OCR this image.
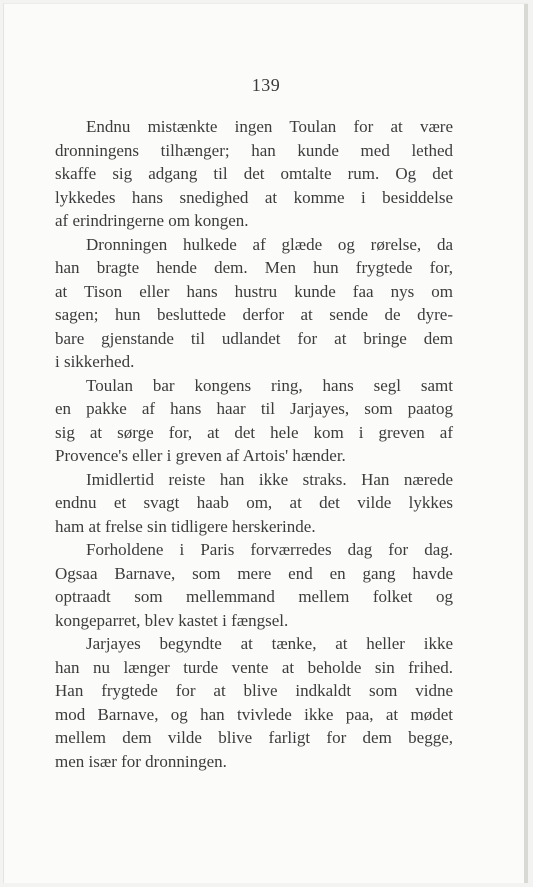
139
Endnu mistænkte ingen Toulan for at være
dronningens tilhænger; han kunde med lethed
skaffe sig adgang til det omtalte rum. Og det
lykkedes hans snedighed at komme i besiddelse
af erindringerne om kongen.
Dronningen hulkede af glæde og rørelse, da
han bragte hende dem. Men hun frygtede for,
at Tison eller hans hustru kunde faa nys om
sagen; hun besluttede derfor at sende de dyre-
bare gjenstande til udlandet for at bringe dem
i sikkerhed.
Toulan bar kongens ring, hans segl samt
en pakke af hans haar til Jarjayes, som paatog
sig at sørge for, at det hele kom i greven af
Provence's eller i greven af Artois' hænder.
Imidlertid reiste han ikke straks. Han nærede
endnu et svagt haab om, at det vilde lykkes
ham at frelse sin tidligere herskerinde.
Forholdene i Paris forværredes dag for dag.
Ogsaa Barnave, som mere end en gang havde
optraadt som mellemmand mellem folket og
kongeparret, blev kastet i fængsel.
Jarjayes begyndte at tænke, at heller ikke
han nu længer turde vente at beholde sin frihed.
Han frygtede for at blive indkaldt som vidne
mod Barnave, og han tvivlede ikke paa, at mødet
mellem dem vilde blive farligt for dem begge,
men især for dronningen.
